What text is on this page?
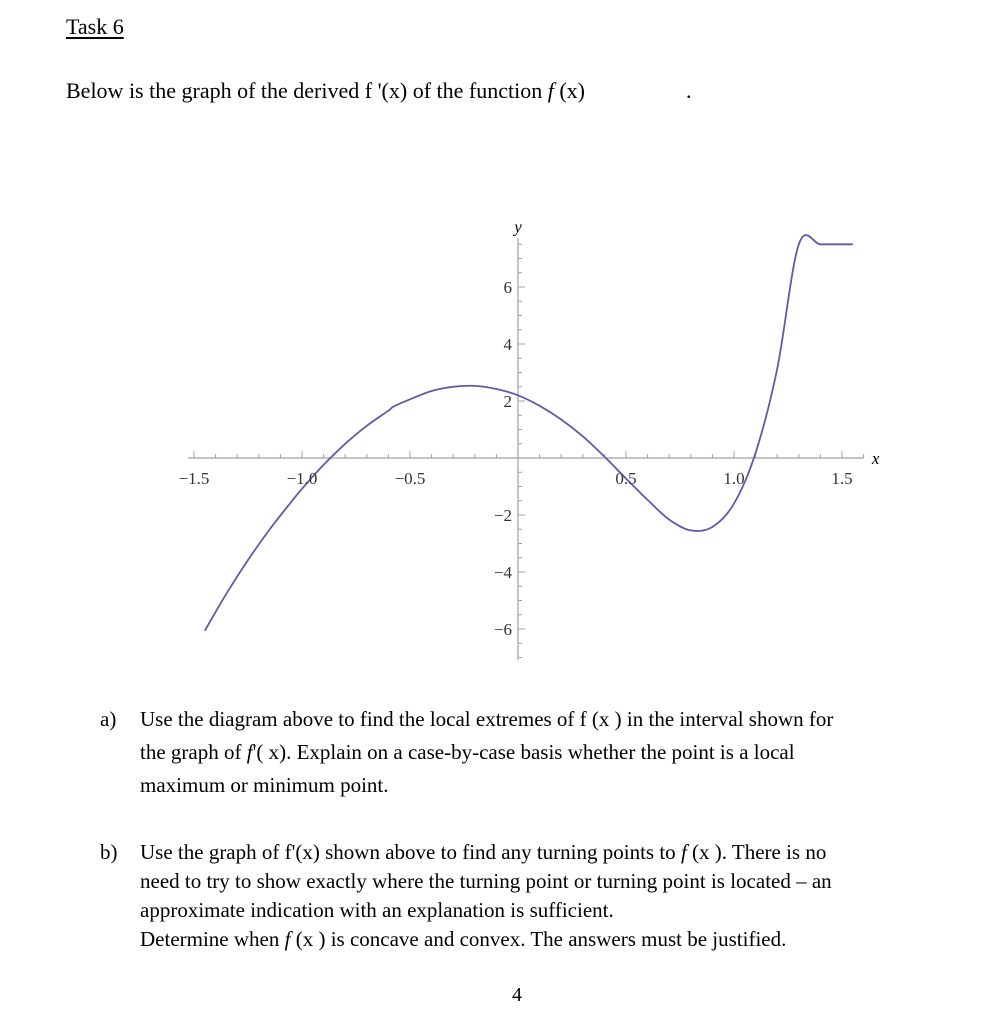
Task 6
Below is the graph of the derived f '(x) of the function f (x)	.
−1.5	−1.0	−0.5	0.5	1.0	1.5
6
4
2
−2
−4
−6
x
y
a) Use the diagram above to find the local extremes of f (x ) in the interval shown for
the graph of f'( x). Explain on a case-by-case basis whether the point is a local
maximum or minimum point.
b) Use the graph of f'(x) shown above to find any turning points to f (x ). There is no
need to try to show exactly where the turning point or turning point is located – an
approximate indication with an explanation is sufficient.
Determine when f (x ) is concave and convex. The answers must be justified.
4
